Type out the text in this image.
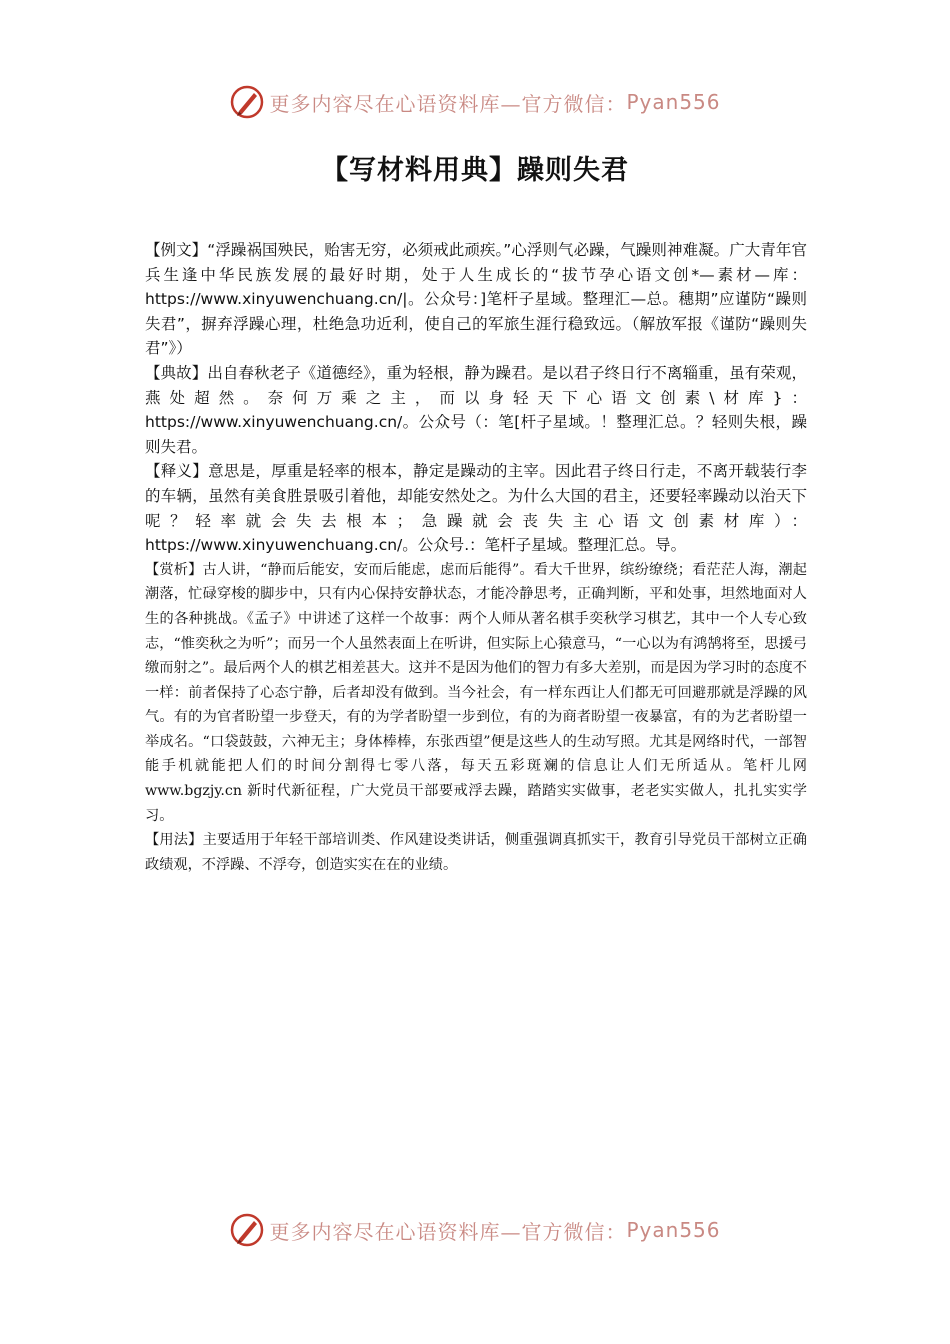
更多内容尽在心语资料库—官方微信： Pyan556
【写材料用典】躁则失君

【例文】“浮躁祸国殃民，贻害无穷，必须戒此顽疾。”心浮则气必躁，气躁则神难凝。广大青年官兵生逢中华民族发展的最好时期，处于人生成长的“拔节孕心语文创*—素材—库：https://www.xinyuwenchuang.cn/|。公众号：]笔杆子星域。整理汇—总。穗期”应谨防“躁则失君”，摒弃浮躁心理，杜绝急功近利，使自己的军旅生涯行稳致远。（解放军报《谨防“躁则失君”》）

【典故】出自春秋老子《道德经》，重为轻根，静为躁君。是以君子终日行不离辎重，虽有荣观，燕处超然。奈何万乘之主，而以身轻天下心语文创素\材库}：https://www.xinyuwenchuang.cn/。公众号（：笔[杆子星域。！整理汇总。？轻则失根，躁则失君。

【释义】意思是，厚重是轻率的根本，静定是躁动的主宰。因此君子终日行走，不离开载装行李的车辆，虽然有美食胜景吸引着他，却能安然处之。为什么大国的君主，还要轻率躁动以治天下呢？轻率就会失去根本；急躁就会丧失主心语文创素材库）：https://www.xinyuwenchuang.cn/。公众号.：笔杆子星域。整理汇总。导。

【赏析】古人讲，“静而后能安，安而后能虑，虑而后能得”。看大千世界，缤纷缭绕；看茫茫人海，潮起潮落，忙碌穿梭的脚步中，只有内心保持安静状态，才能冷静思考，正确判断，平和处事，坦然地面对人生的各种挑战。《孟子》中讲述了这样一个故事：两个人师从著名棋手奕秋学习棋艺，其中一个人专心致志，“惟奕秋之为听”；而另一个人虽然表面上在听讲，但实际上心猿意马，“一心以为有鸿鹄将至，思援弓缴而射之”。最后两个人的棋艺相差甚大。这并不是因为他们的智力有多大差别，而是因为学习时的态度不一样：前者保持了心态宁静，后者却没有做到。当今社会，有一样东西让人们都无可回避那就是浮躁的风气。有的为官者盼望一步登天，有的为学者盼望一步到位，有的为商者盼望一夜暴富，有的为艺者盼望一举成名。“口袋鼓鼓，六神无主；身体棒棒，东张西望”便是这些人的生动写照。尤其是网络时代，一部智能手机就能把人们的时间分割得七零八落，每天五彩斑斓的信息让人们无所适从。笔杆儿网 www.bgzjy.cn 新时代新征程，广大党员干部要戒浮去躁，踏踏实实做事，老老实实做人，扎扎实实学习。

【用法】主要适用于年轻干部培训类、作风建设类讲话，侧重强调真抓实干，教育引导党员干部树立正确政绩观，不浮躁、不浮夸，创造实实在在的业绩。

更多内容尽在心语资料库—官方微信： Pyan556
